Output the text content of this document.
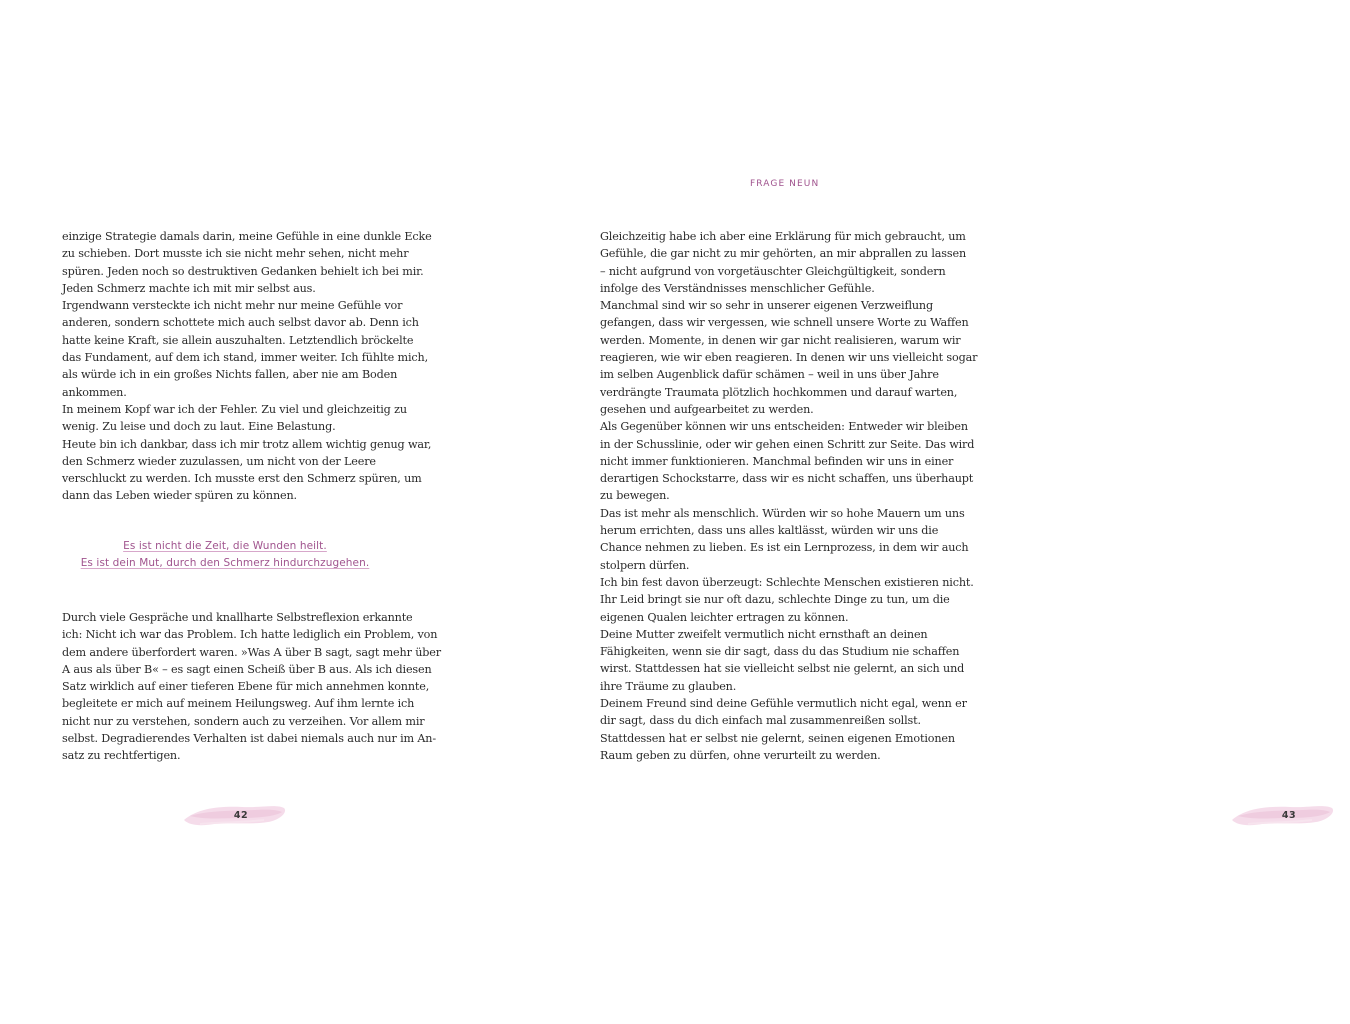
einzige Strategie damals darin, meine Gefühle in eine dunkle Ecke
zu schieben. Dort musste ich sie nicht mehr sehen, nicht mehr
spüren. Jeden noch so destruktiven Gedanken behielt ich bei mir.
Jeden Schmerz machte ich mit mir selbst aus.
Irgendwann versteckte ich nicht mehr nur meine Gefühle vor
anderen, sondern schottete mich auch selbst davor ab. Denn ich
hatte keine Kraft, sie allein auszuhalten. Letztendlich bröckelte
das Fundament, auf dem ich stand, immer weiter. Ich fühlte mich,
als würde ich in ein großes Nichts fallen, aber nie am Boden
ankommen.
In meinem Kopf war ich der Fehler. Zu viel und gleichzeitig zu
wenig. Zu leise und doch zu laut. Eine Belastung.
Heute bin ich dankbar, dass ich mir trotz allem wichtig genug war,
den Schmerz wieder zuzulassen, um nicht von der Leere
verschluckt zu werden. Ich musste erst den Schmerz spüren, um
dann das Leben wieder spüren zu können.
Es ist nicht die Zeit, die Wunden heilt.
Es ist dein Mut, durch den Schmerz hindurchzugehen.
Durch viele Gespräche und knallharte Selbstreflexion erkannte
ich: Nicht ich war das Problem. Ich hatte lediglich ein Problem, von
dem andere überfordert waren. »Was A über B sagt, sagt mehr über
A aus als über B« – es sagt einen Scheiß über B aus. Als ich diesen
Satz wirklich auf einer tieferen Ebene für mich annehmen konnte,
begleitete er mich auf meinem Heilungsweg. Auf ihm lernte ich
nicht nur zu verstehen, sondern auch zu verzeihen. Vor allem mir
selbst. Degradierendes Verhalten ist dabei niemals auch nur im An-
satz zu rechtfertigen.
42
FRAGE NEUN
Gleichzeitig habe ich aber eine Erklärung für mich gebraucht, um
Gefühle, die gar nicht zu mir gehörten, an mir abprallen zu lassen
– nicht aufgrund von vorgetäuschter Gleichgültigkeit, sondern
infolge des Verständnisses menschlicher Gefühle.
Manchmal sind wir so sehr in unserer eigenen Verzweiflung
gefangen, dass wir vergessen, wie schnell unsere Worte zu Waffen
werden. Momente, in denen wir gar nicht realisieren, warum wir
reagieren, wie wir eben reagieren. In denen wir uns vielleicht sogar
im selben Augenblick dafür schämen – weil in uns über Jahre
verdrängte Traumata plötzlich hochkommen und darauf warten,
gesehen und aufgearbeitet zu werden.
Als Gegenüber können wir uns entscheiden: Entweder wir bleiben
in der Schusslinie, oder wir gehen einen Schritt zur Seite. Das wird
nicht immer funktionieren. Manchmal befinden wir uns in einer
derartigen Schockstarre, dass wir es nicht schaffen, uns überhaupt
zu bewegen.
Das ist mehr als menschlich. Würden wir so hohe Mauern um uns
herum errichten, dass uns alles kaltlässt, würden wir uns die
Chance nehmen zu lieben. Es ist ein Lernprozess, in dem wir auch
stolpern dürfen.
Ich bin fest davon überzeugt: Schlechte Menschen existieren nicht.
Ihr Leid bringt sie nur oft dazu, schlechte Dinge zu tun, um die
eigenen Qualen leichter ertragen zu können.
Deine Mutter zweifelt vermutlich nicht ernsthaft an deinen
Fähigkeiten, wenn sie dir sagt, dass du das Studium nie schaffen
wirst. Stattdessen hat sie vielleicht selbst nie gelernt, an sich und
ihre Träume zu glauben.
Deinem Freund sind deine Gefühle vermutlich nicht egal, wenn er
dir sagt, dass du dich einfach mal zusammenreißen sollst.
Stattdessen hat er selbst nie gelernt, seinen eigenen Emotionen
Raum geben zu dürfen, ohne verurteilt zu werden.
43
